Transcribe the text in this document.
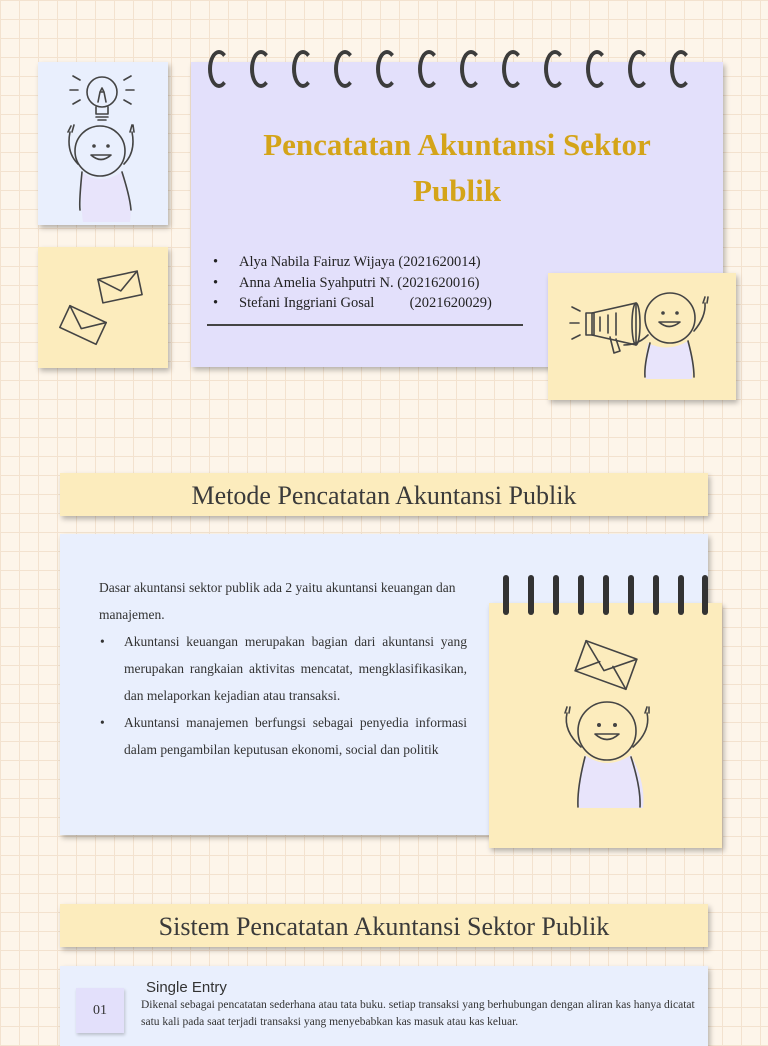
Pencatatan Akuntansi Sektor
Publik
• Alya Nabila Fairuz Wijaya (2021620014)
• Anna Amelia Syahputri N. (2021620016)
• Stefani Inggriani Gosal (2021620029)
Metode Pencatatan Akuntansi Publik
Dasar akuntansi sektor publik ada 2 yaitu akuntansi keuangan dan manajemen.
• Akuntansi keuangan merupakan bagian dari akuntansi yang merupakan rangkaian aktivitas mencatat, mengklasifikasikan, dan melaporkan kejadian atau transaksi.
• Akuntansi manajemen berfungsi sebagai penyedia informasi dalam pengambilan keputusan ekonomi, social dan politik
Sistem Pencatatan Akuntansi Sektor Publik
01
Single Entry
Dikenal sebagai pencatatan sederhana atau tata buku. setiap transaksi yang berhubungan dengan aliran kas hanya dicatat satu kali pada saat terjadi transaksi yang menyebabkan kas masuk atau kas keluar.
